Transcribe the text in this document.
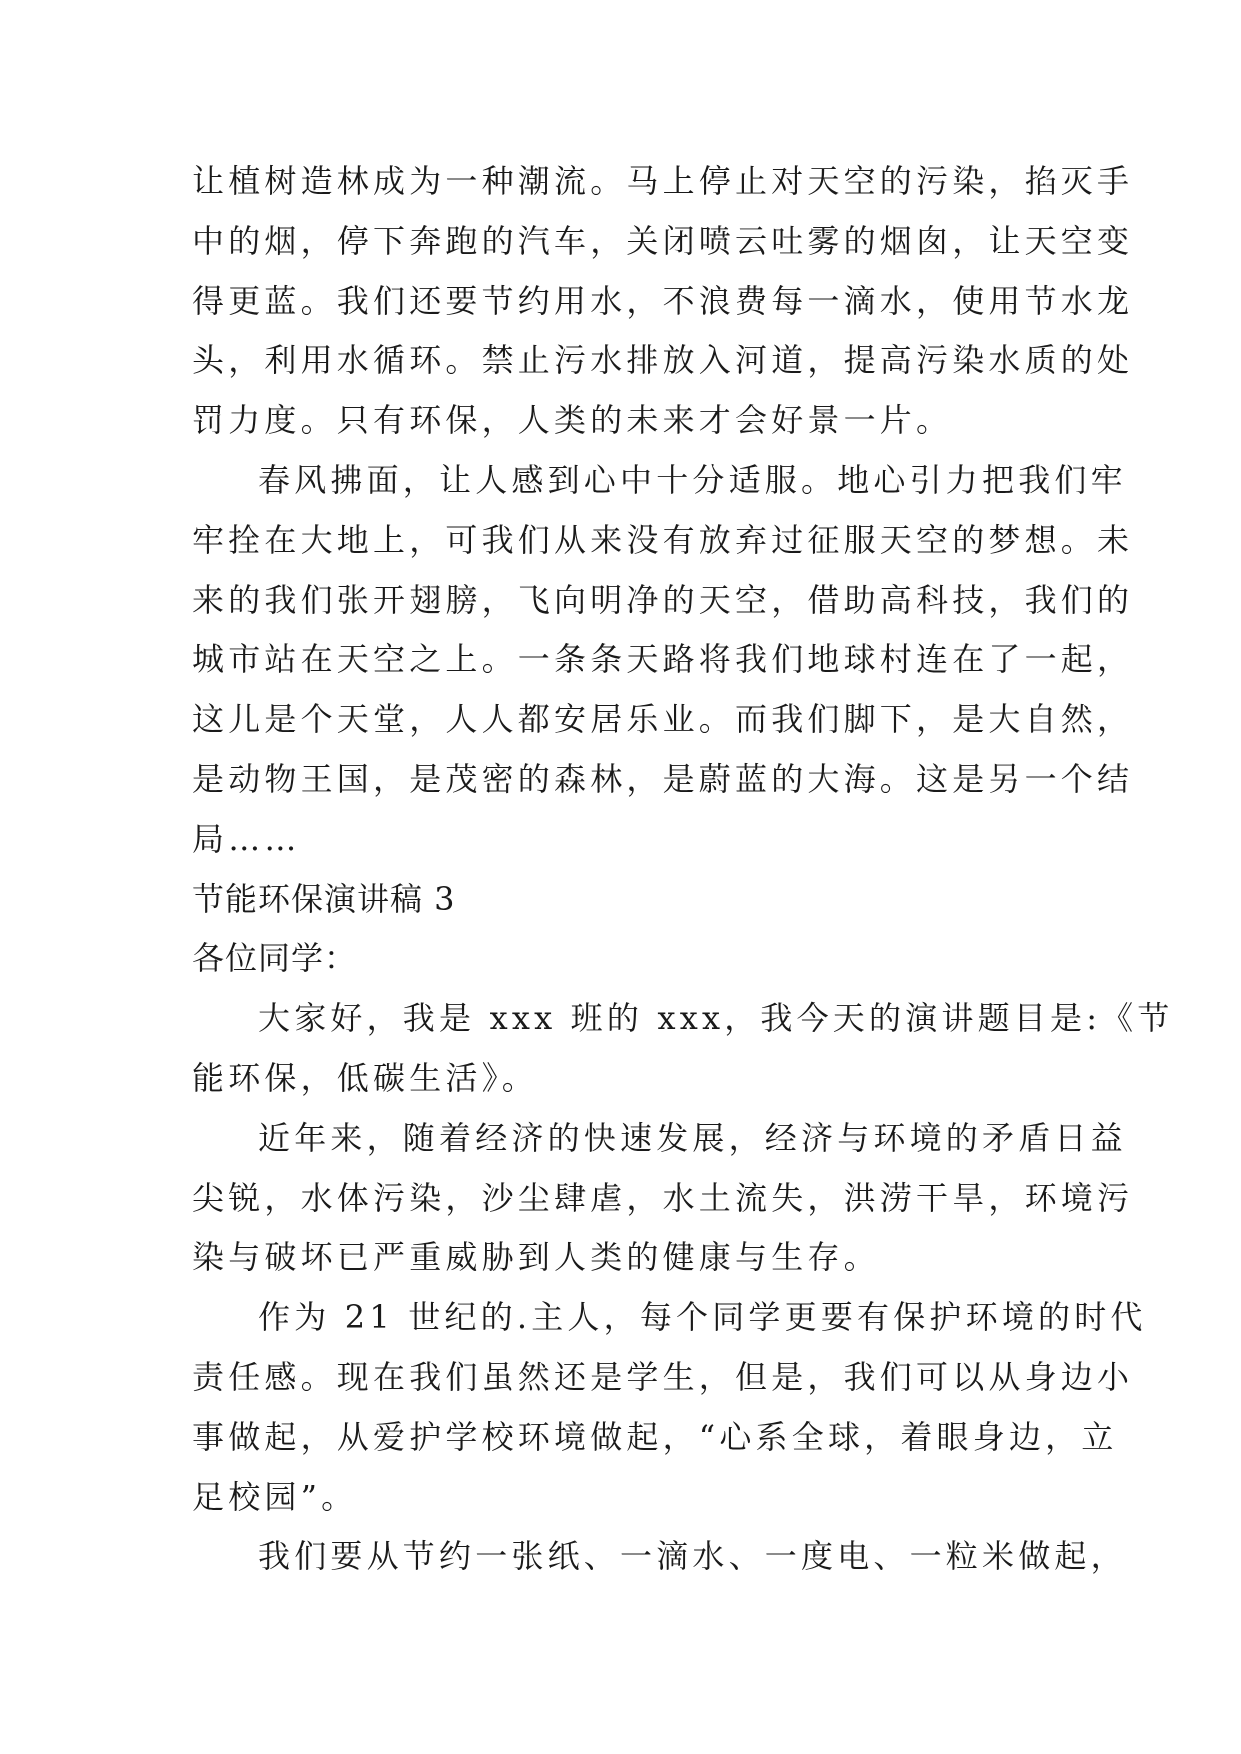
让植树造林成为一种潮流。马上停止对天空的污染，掐灭手
中的烟，停下奔跑的汽车，关闭喷云吐雾的烟囱，让天空变
得更蓝。我们还要节约用水，不浪费每一滴水，使用节水龙
头，利用水循环。禁止污水排放入河道，提高污染水质的处
罚力度。只有环保，人类的未来才会好景一片。
春风拂面，让人感到心中十分适服。地心引力把我们牢
牢拴在大地上，可我们从来没有放弃过征服天空的梦想。未
来的我们张开翅膀，飞向明净的天空，借助高科技，我们的
城市站在天空之上。一条条天路将我们地球村连在了一起，
这儿是个天堂，人人都安居乐业。而我们脚下，是大自然，
是动物王国，是茂密的森林，是蔚蓝的大海。这是另一个结
局……
节能环保演讲稿 3
各位同学：
大家好，我是 xxx 班的 xxx，我今天的演讲题目是:《节
能环保，低碳生活》。
近年来，随着经济的快速发展，经济与环境的矛盾日益
尖锐，水体污染，沙尘肆虐，水土流失，洪涝干旱，环境污
染与破坏已严重威胁到人类的健康与生存。
作为 21 世纪的.主人，每个同学更要有保护环境的时代
责任感。现在我们虽然还是学生，但是，我们可以从身边小
事做起，从爱护学校环境做起，“心系全球，着眼身边，立
足校园”。
我们要从节约一张纸、一滴水、一度电、一粒米做起，
